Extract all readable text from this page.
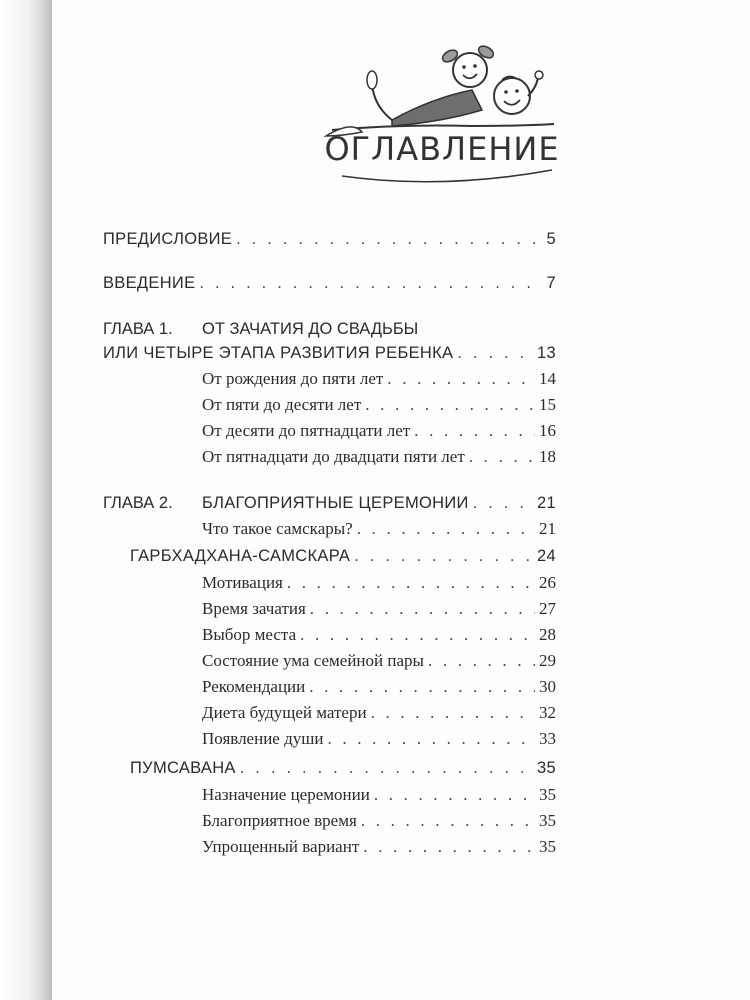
ОГЛАВЛЕНИЕ
ПРЕДИСЛОВИЕ . . .	5
ВВЕДЕНИЕ . . .	7
ГЛАВА 1. ОТ ЗАЧАТИЯ ДО СВАДЬБЫ
ИЛИ ЧЕТЫРЕ ЭТАПА РАЗВИТИЯ РЕБЕНКА . . .	13
От рождения до пяти лет . . .	14
От пяти до десяти лет . . .	15
От десяти до пятнадцати лет . . .	16
От пятнадцати до двадцати пяти лет . . .	18
ГЛАВА 2. БЛАГОПРИЯТНЫЕ ЦЕРЕМОНИИ . . .	21
Что такое самскары? . . .	21
ГАРБХАДХАНА-САМСКАРА . . .	24
Мотивация . . .	26
Время зачатия . . .	27
Выбор места . . .	28
Состояние ума семейной пары . . .	29
Рекомендации . . .	30
Диета будущей матери . . .	32
Появление души . . .	33
ПУМСАВАНА . . .	35
Назначение церемонии . . .	35
Благоприятное время . . .	35
Упрощенный вариант . . .	35
